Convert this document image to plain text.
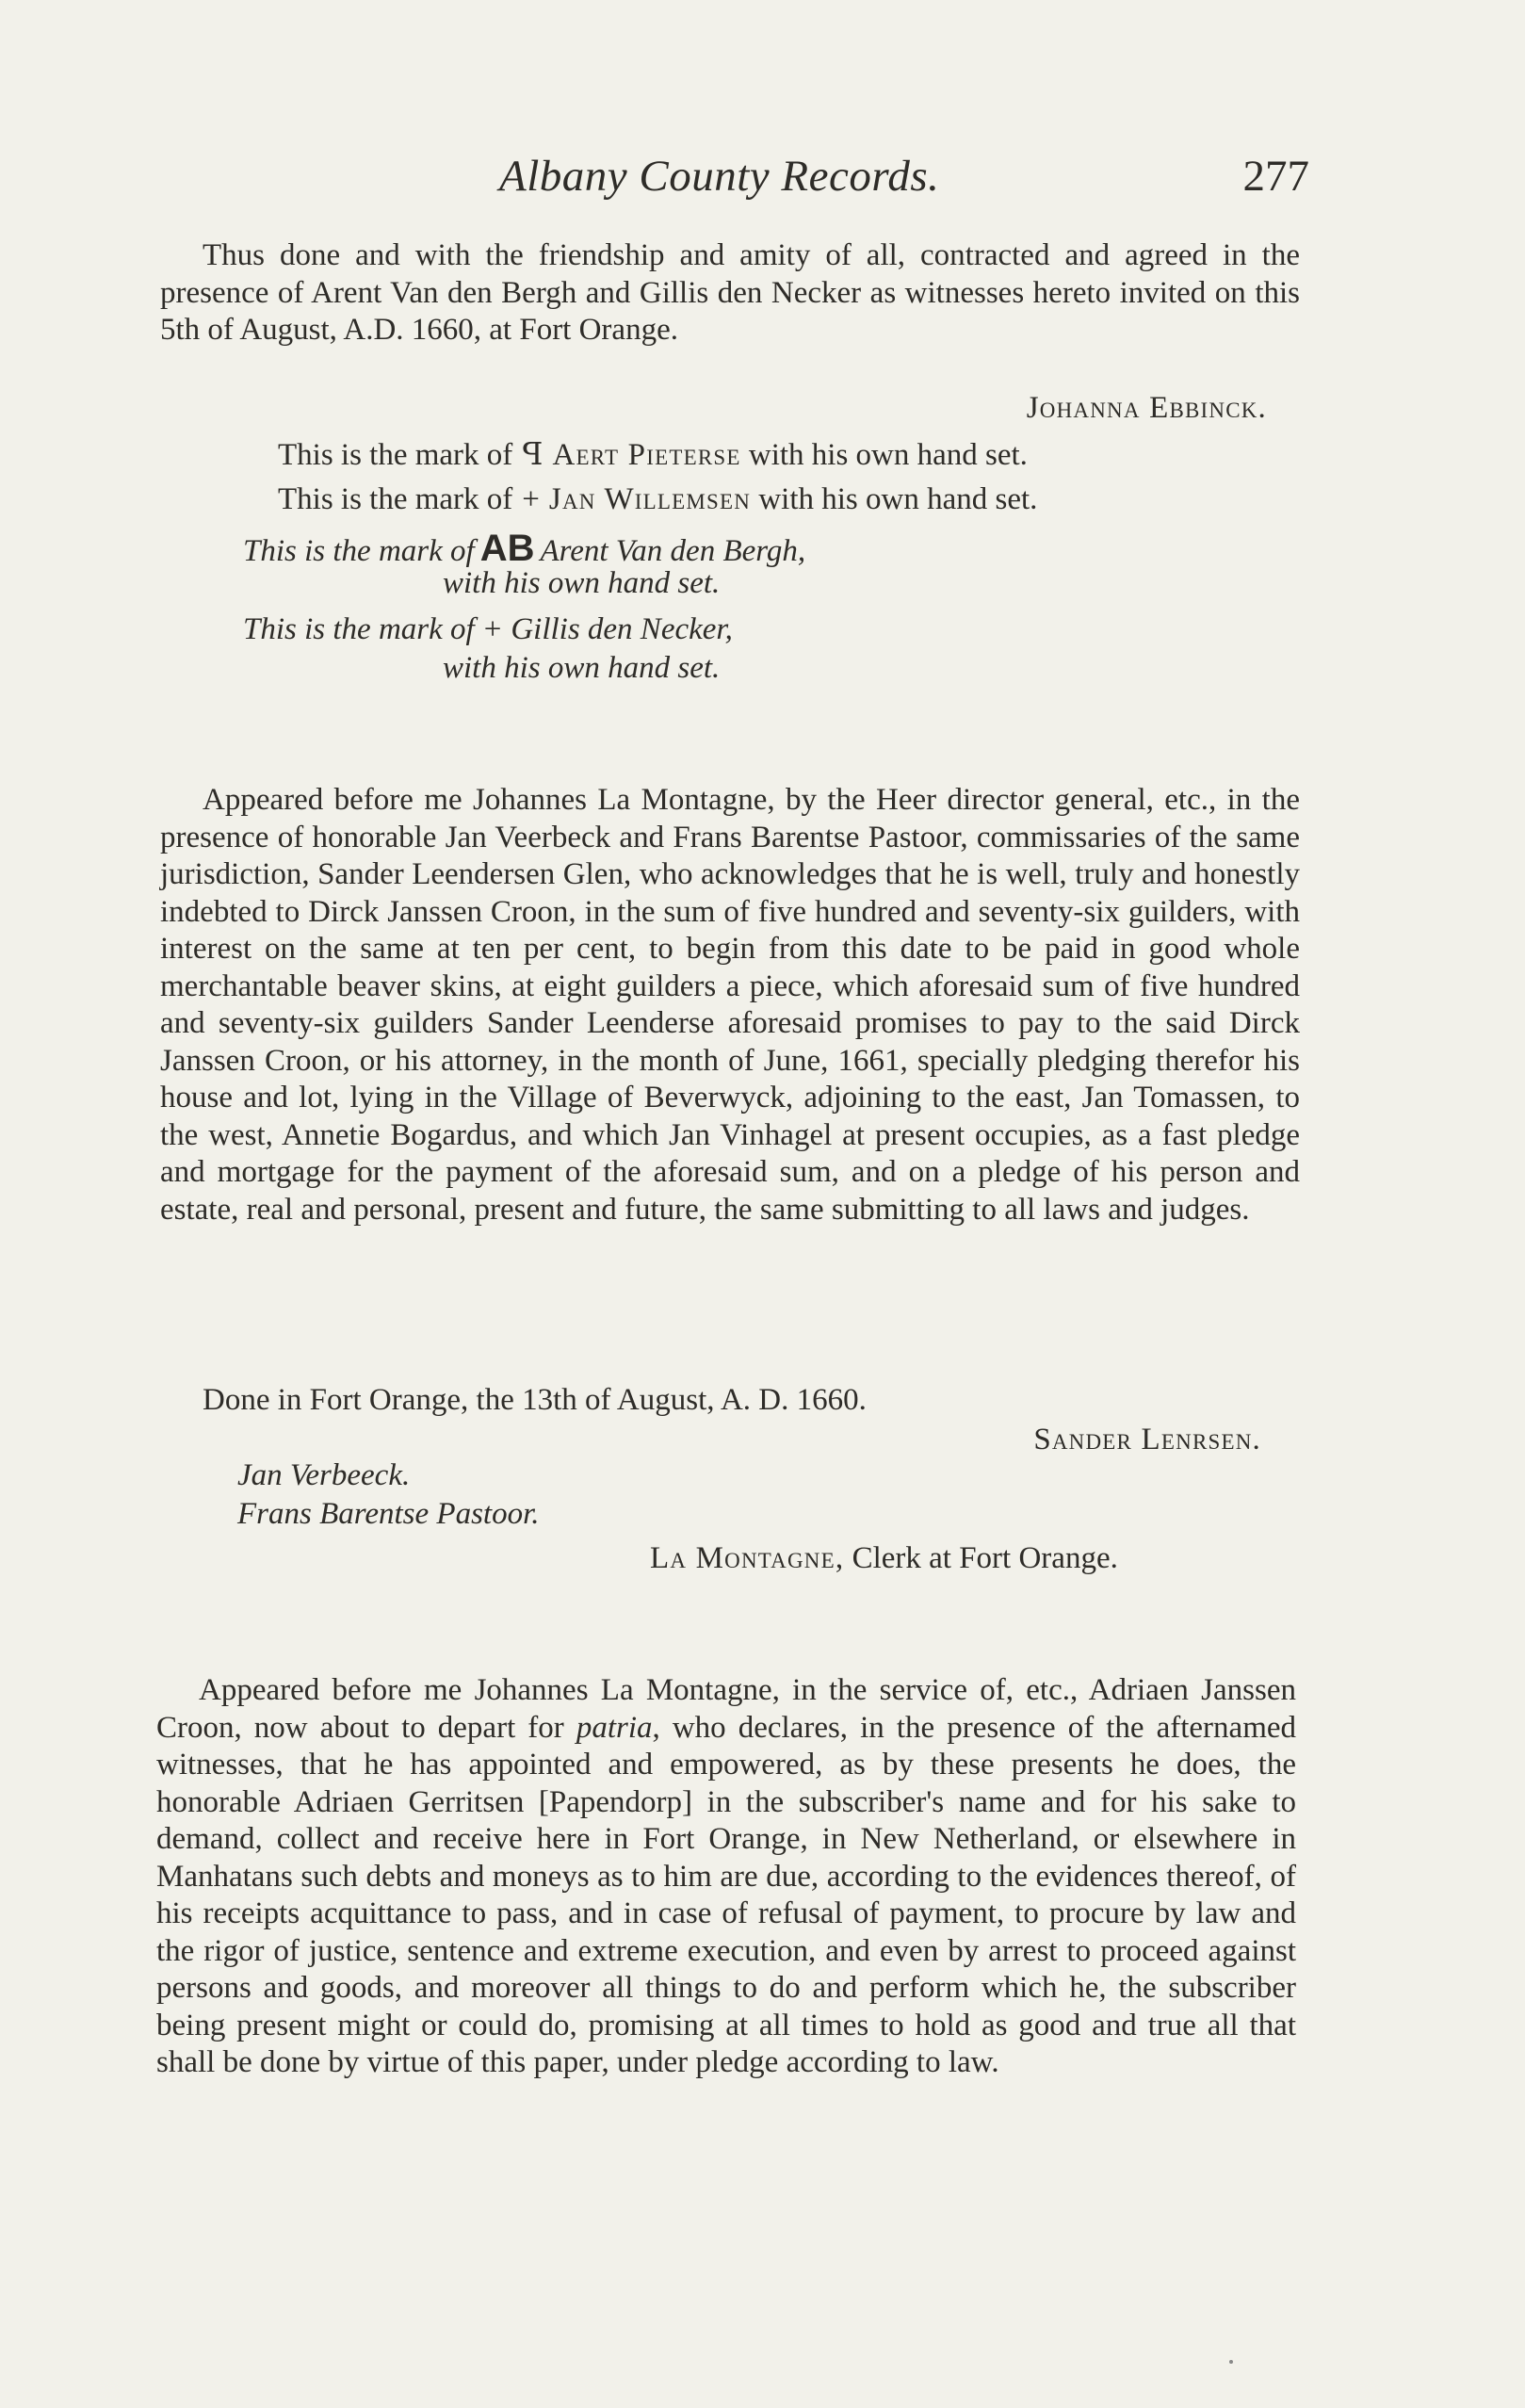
Albany County Records.	277
Thus done and with the friendship and amity of all, contracted and agreed in the presence of Arent Van den Bergh and Gillis den Necker as witnesses hereto invited on this 5th of August, A.D. 1660, at Fort Orange.
Johanna Ebbinck.
This is the mark of ꟼ Aert Pieterse with his own hand set.
This is the mark of + Jan Willemsen with his own hand set.
This is the mark of AB Arent Van den Bergh,
with his own hand set.
This is the mark of + Gillis den Necker,
with his own hand set.
Appeared before me Johannes La Montagne, by the Heer director general, etc., in the presence of honorable Jan Veerbeck and Frans Barentse Pastoor, commissaries of the same jurisdiction, Sander Leendersen Glen, who acknowledges that he is well, truly and honestly indebted to Dirck Janssen Croon, in the sum of five hundred and seventy-six guilders, with interest on the same at ten per cent, to begin from this date to be paid in good whole merchantable beaver skins, at eight guilders a piece, which aforesaid sum of five hundred and seventy-six guilders Sander Leenderse aforesaid promises to pay to the said Dirck Janssen Croon, or his attorney, in the month of June, 1661, specially pledging therefor his house and lot, lying in the Village of Beverwyck, adjoining to the east, Jan Tomassen, to the west, Annetie Bogardus, and which Jan Vinhagel at present occupies, as a fast pledge and mortgage for the payment of the aforesaid sum, and on a pledge of his person and estate, real and personal, present and future, the same submitting to all laws and judges.
Done in Fort Orange, the 13th of August, A. D. 1660.
Sander Lenrsen.
Jan Verbeeck.
Frans Barentse Pastoor.
La Montagne, Clerk at Fort Orange.
Appeared before me Johannes La Montagne, in the service of, etc., Adriaen Janssen Croon, now about to depart for patria, who declares, in the presence of the afternamed witnesses, that he has appointed and empowered, as by these presents he does, the honorable Adriaen Gerritsen [Papendorp] in the subscriber's name and for his sake to demand, collect and receive here in Fort Orange, in New Netherland, or elsewhere in Manhatans such debts and moneys as to him are due, according to the evidences thereof, of his receipts acquittance to pass, and in case of refusal of payment, to procure by law and the rigor of justice, sentence and extreme execution, and even by arrest to proceed against persons and goods, and moreover all things to do and perform which he, the subscriber being present might or could do, promising at all times to hold as good and true all that shall be done by virtue of this paper, under pledge according to law.
